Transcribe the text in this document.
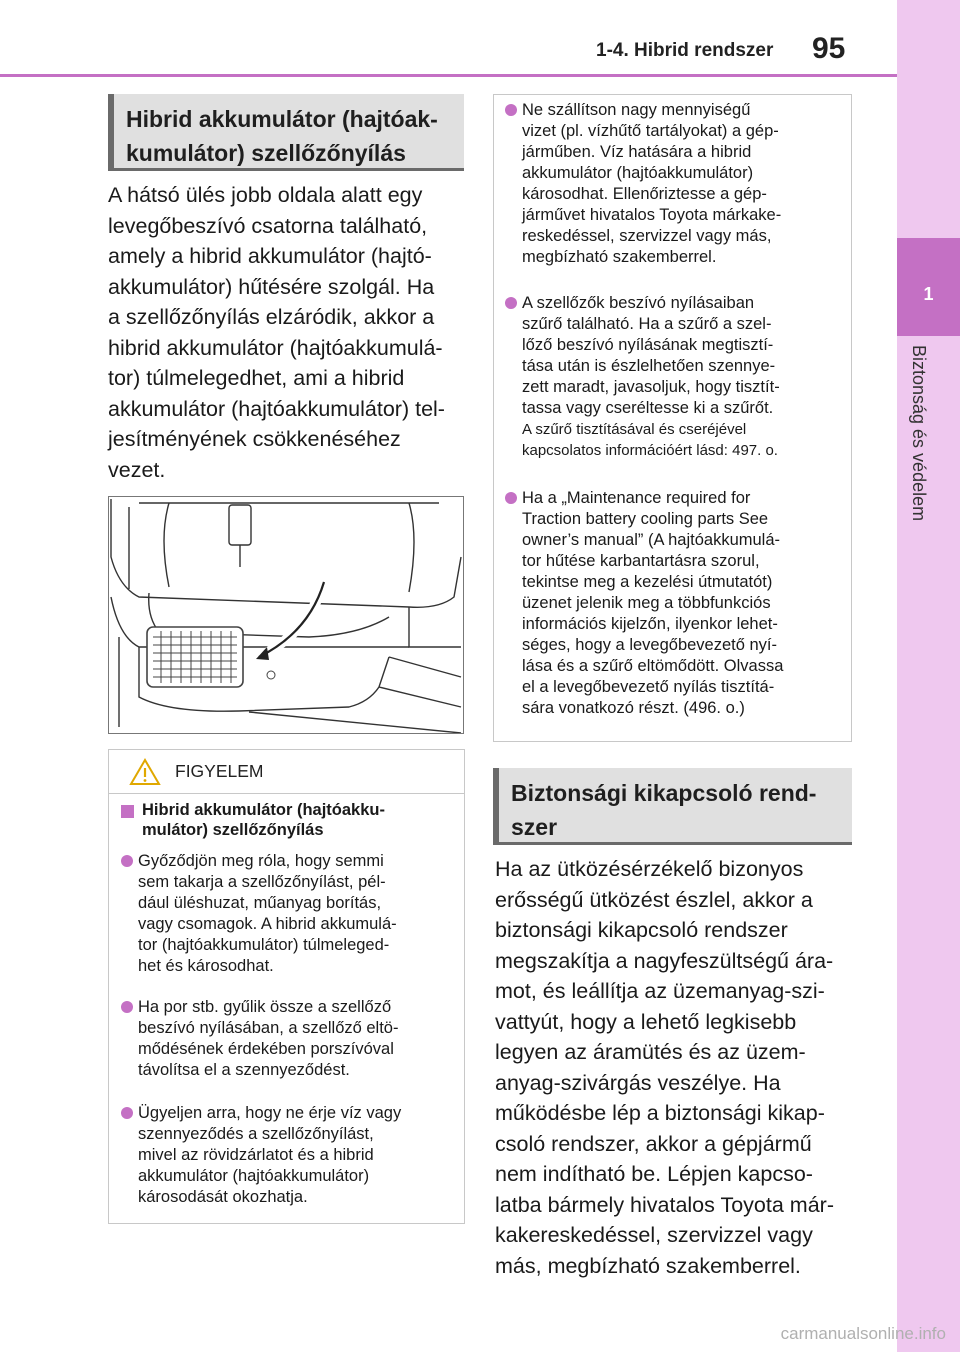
1-4. Hibrid rendszer 95
1
Biztonság és védelem
Hibrid akkumulátor (hajtóak-
kumulátor) szellőzőnyílás
A hátsó ülés jobb oldala alatt egy
levegőbeszívó csatorna található,
amely a hibrid akkumulátor (hajtó-
akkumulátor) hűtésére szolgál. Ha
a szellőzőnyílás elzáródik, akkor a
hibrid akkumulátor (hajtóakkumulá-
tor) túlmelegedhet, ami a hibrid
akkumulátor (hajtóakkumulátor) tel-
jesítményének csökkenéséhez
vezet.
FIGYELEM
Hibrid akkumulátor (hajtóakku-
mulátor) szellőzőnyílás
Győződjön meg róla, hogy semmi
sem takarja a szellőzőnyílást, pél-
dául üléshuzat, műanyag borítás,
vagy csomagok. A hibrid akkumulá-
tor (hajtóakkumulátor) túlmeleged-
het és károsodhat.
Ha por stb. gyűlik össze a szellőző
beszívó nyílásában, a szellőző eltö-
mődésének érdekében porszívóval
távolítsa el a szennyeződést.
Ügyeljen arra, hogy ne érje víz vagy
szennyeződés a szellőzőnyílást,
mivel az rövidzárlatot és a hibrid
akkumulátor (hajtóakkumulátor)
károsodását okozhatja.
Ne szállítson nagy mennyiségű
vizet (pl. vízhűtő tartályokat) a gép-
járműben. Víz hatására a hibrid
akkumulátor (hajtóakkumulátor)
károsodhat. Ellenőriztesse a gép-
járművet hivatalos Toyota márkake-
reskedéssel, szervizzel vagy más,
megbízható szakemberrel.
A szellőzők beszívó nyílásaiban
szűrő található. Ha a szűrő a szel-
lőző beszívó nyílásának megtisztí-
tása után is észlelhetően szennye-
zett maradt, javasoljuk, hogy tisztít-
tassa vagy cseréltesse ki a szűrőt.
A szűrő tisztításával és cseréjével
kapcsolatos információért lásd: 497. o.
Ha a „Maintenance required for
Traction battery cooling parts See
owner’s manual” (A hajtóakkumulá-
tor hűtése karbantartásra szorul,
tekintse meg a kezelési útmutatót)
üzenet jelenik meg a többfunkciós
információs kijelzőn, ilyenkor lehet-
séges, hogy a levegőbevezető nyí-
lása és a szűrő eltömődött. Olvassa
el a levegőbevezető nyílás tisztítá-
sára vonatkozó részt. (496. o.)
Biztonsági kikapcsoló rend-
szer
Ha az ütközésérzékelő bizonyos
erősségű ütközést észlel, akkor a
biztonsági kikapcsoló rendszer
megszakítja a nagyfeszültségű ára-
mot, és leállítja az üzemanyag-szi-
vattyút, hogy a lehető legkisebb
legyen az áramütés és az üzem-
anyag-szivárgás veszélye. Ha
működésbe lép a biztonsági kikap-
csoló rendszer, akkor a gépjármű
nem indítható be. Lépjen kapcso-
latba bármely hivatalos Toyota már-
kakereskedéssel, szervizzel vagy
más, megbízható szakemberrel.
carmanualsonline.info
